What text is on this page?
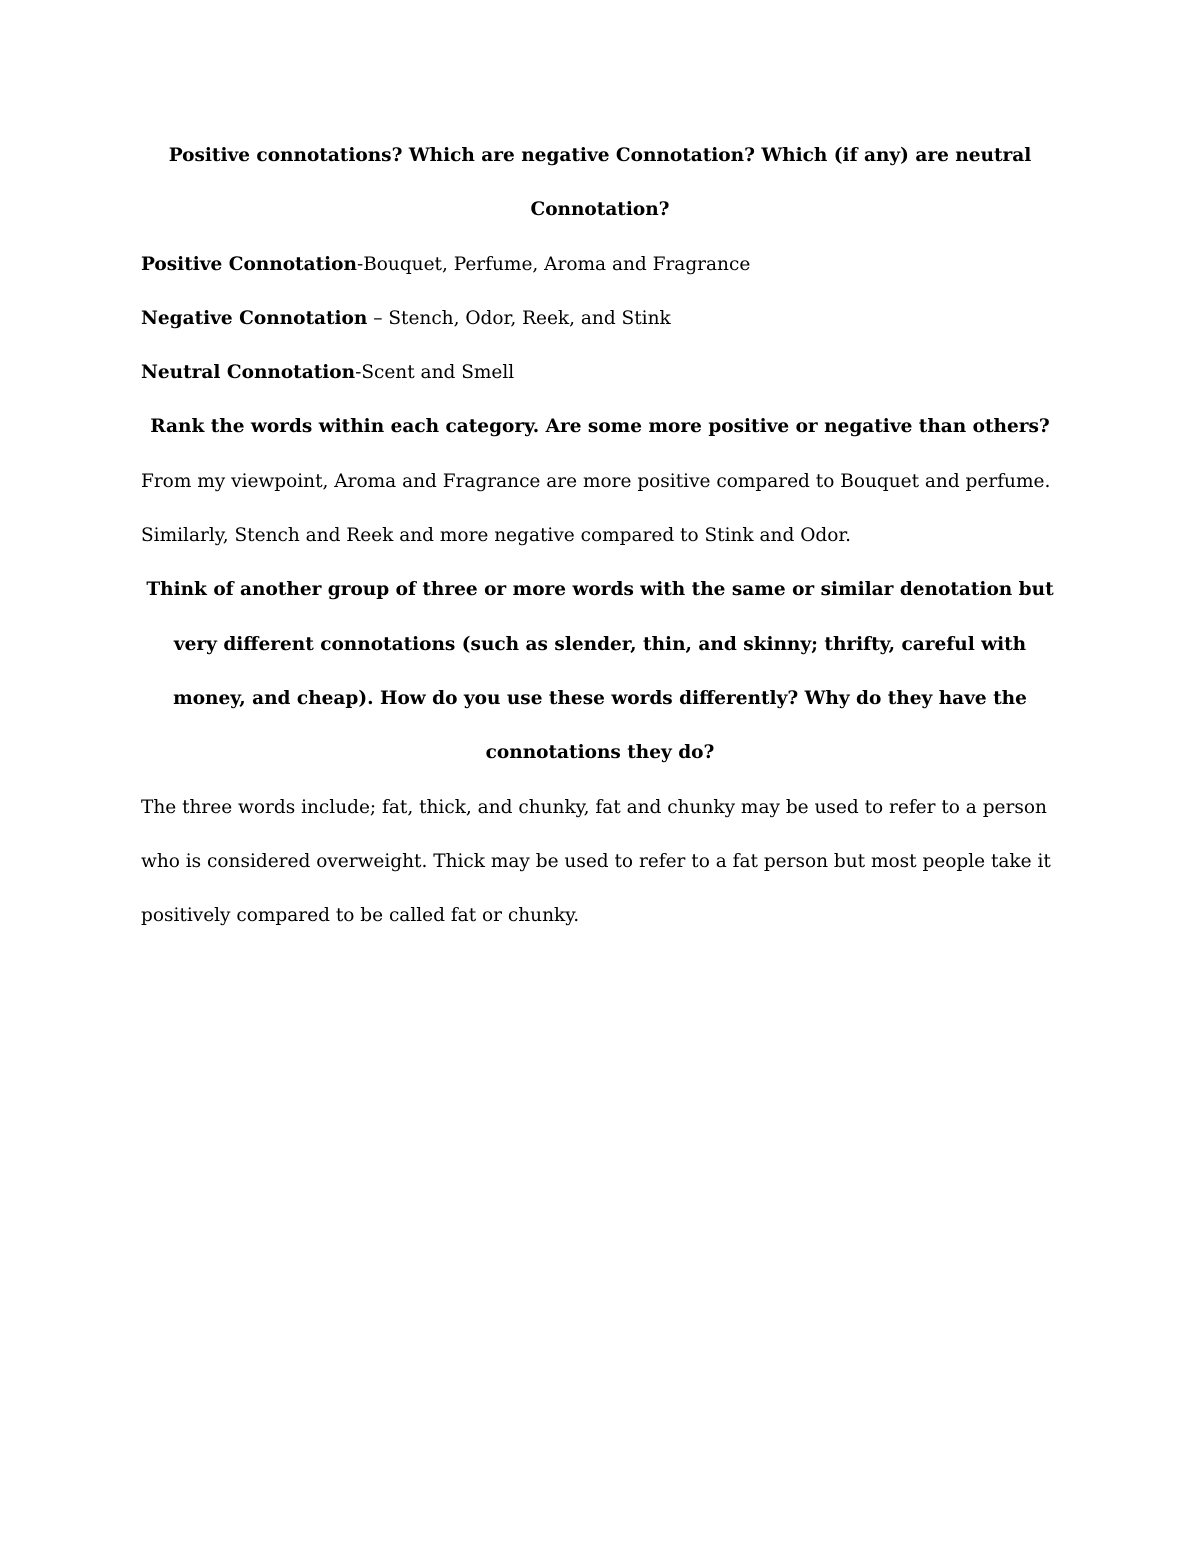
Positive connotations? Which are negative Connotation? Which (if any) are neutral Connotation?

Positive Connotation-Bouquet, Perfume, Aroma and Fragrance

Negative Connotation – Stench, Odor, Reek, and Stink

Neutral Connotation-Scent and Smell

Rank the words within each category. Are some more positive or negative than others?

From my viewpoint, Aroma and Fragrance are more positive compared to Bouquet and perfume. Similarly, Stench and Reek and more negative compared to Stink and Odor.

Think of another group of three or more words with the same or similar denotation but very different connotations (such as slender, thin, and skinny; thrifty, careful with money, and cheap). How do you use these words differently? Why do they have the connotations they do?

The three words include; fat, thick, and chunky, fat and chunky may be used to refer to a person who is considered overweight. Thick may be used to refer to a fat person but most people take it positively compared to be called fat or chunky.
